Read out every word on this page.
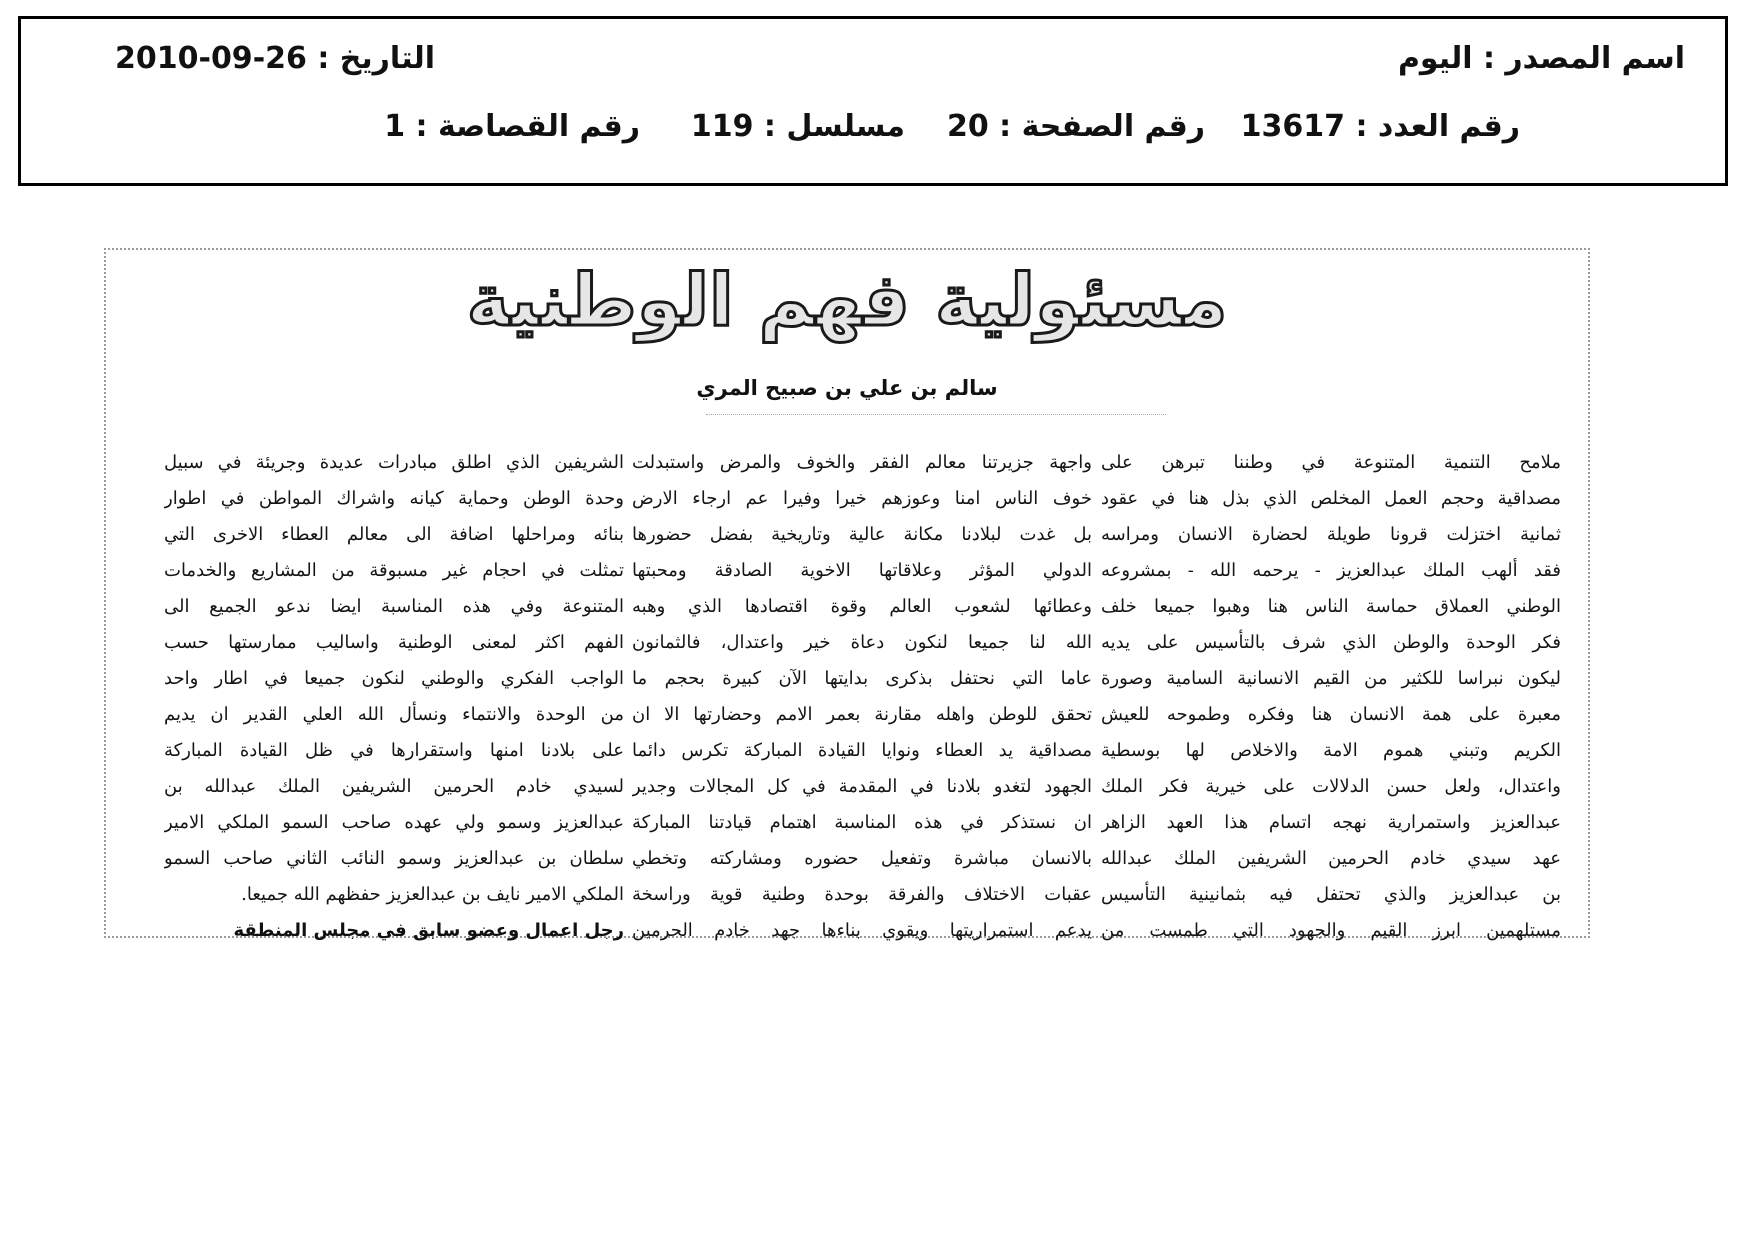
اسم المصدر : اليوم
التاريخ : 26-09-2010
رقم العدد : 13617
رقم الصفحة : 20
مسلسل : 119
رقم القصاصة : 1
مسئولية فهم الوطنية
سالم بن علي بن صبيح المري
ملامح التنمية المتنوعة في وطننا تبرهن على
مصداقية وحجم العمل المخلص الذي بذل هنا في عقود
ثمانية اختزلت قرونا طويلة لحضارة الانسان ومراسه
فقد ألهب الملك عبدالعزيز - يرحمه الله - بمشروعه
الوطني العملاق حماسة الناس هنا وهبوا جميعا خلف
فكر الوحدة والوطن الذي شرف بالتأسيس على يديه
ليكون نبراسا للكثير من القيم الانسانية السامية وصورة
معبرة على همة الانسان هنا وفكره وطموحه للعيش
الكريم وتبني هموم الامة والاخلاص لها بوسطية
واعتدال، ولعل حسن الدلالات على خيرية فكر الملك
عبدالعزيز واستمرارية نهجه اتسام هذا العهد الزاهر
عهد سيدي خادم الحرمين الشريفين الملك عبدالله
بن عبدالعزيز والذي تحتفل فيه بثمانينية التأسيس
مستلهمين ابرز القيم والجهود التي طمست من
واجهة جزيرتنا معالم الفقر والخوف والمرض واستبدلت
خوف الناس امنا وعوزهم خيرا وفيرا عم ارجاء الارض
بل غدت لبلادنا مكانة عالية وتاريخية بفضل حضورها
الدولي المؤثر وعلاقاتها الاخوية الصادقة ومحبتها
وعطائها لشعوب العالم وقوة اقتصادها الذي وهبه
الله لنا جميعا لنكون دعاة خير واعتدال، فالثمانون
عاما التي نحتفل بذكرى بدايتها الآن كبيرة بحجم ما
تحقق للوطن واهله مقارنة بعمر الامم وحضارتها الا ان
مصداقية يد العطاء ونوايا القيادة المباركة تكرس دائما
الجهود لتغدو بلادنا في المقدمة في كل المجالات وجدير
ان نستذكر في هذه المناسبة اهتمام قيادتنا المباركة
بالانسان مباشرة وتفعيل حضوره ومشاركته وتخطي
عقبات الاختلاف والفرقة بوحدة وطنية قوية وراسخة
يدعم استمراريتها ويقوي بناءها جهد خادم الحرمين
الشريفين الذي اطلق مبادرات عديدة وجريئة في سبيل
وحدة الوطن وحماية كيانه واشراك المواطن في اطوار
بنائه ومراحلها اضافة الى معالم العطاء الاخرى التي
تمثلت في احجام غير مسبوقة من المشاريع والخدمات
المتنوعة وفي هذه المناسبة ايضا ندعو الجميع الى
الفهم اكثر لمعنى الوطنية واساليب ممارستها حسب
الواجب الفكري والوطني لنكون جميعا في اطار واحد
من الوحدة والانتماء ونسأل الله العلي القدير ان يديم
على بلادنا امنها واستقرارها في ظل القيادة المباركة
لسيدي خادم الحرمين الشريفين الملك عبدالله بن
عبدالعزيز وسمو ولي عهده صاحب السمو الملكي الامير
سلطان بن عبدالعزيز وسمو النائب الثاني صاحب السمو
الملكي الامير نايف بن عبدالعزيز حفظهم الله جميعا.
رجل اعمال وعضو سابق في مجلس المنطقة
